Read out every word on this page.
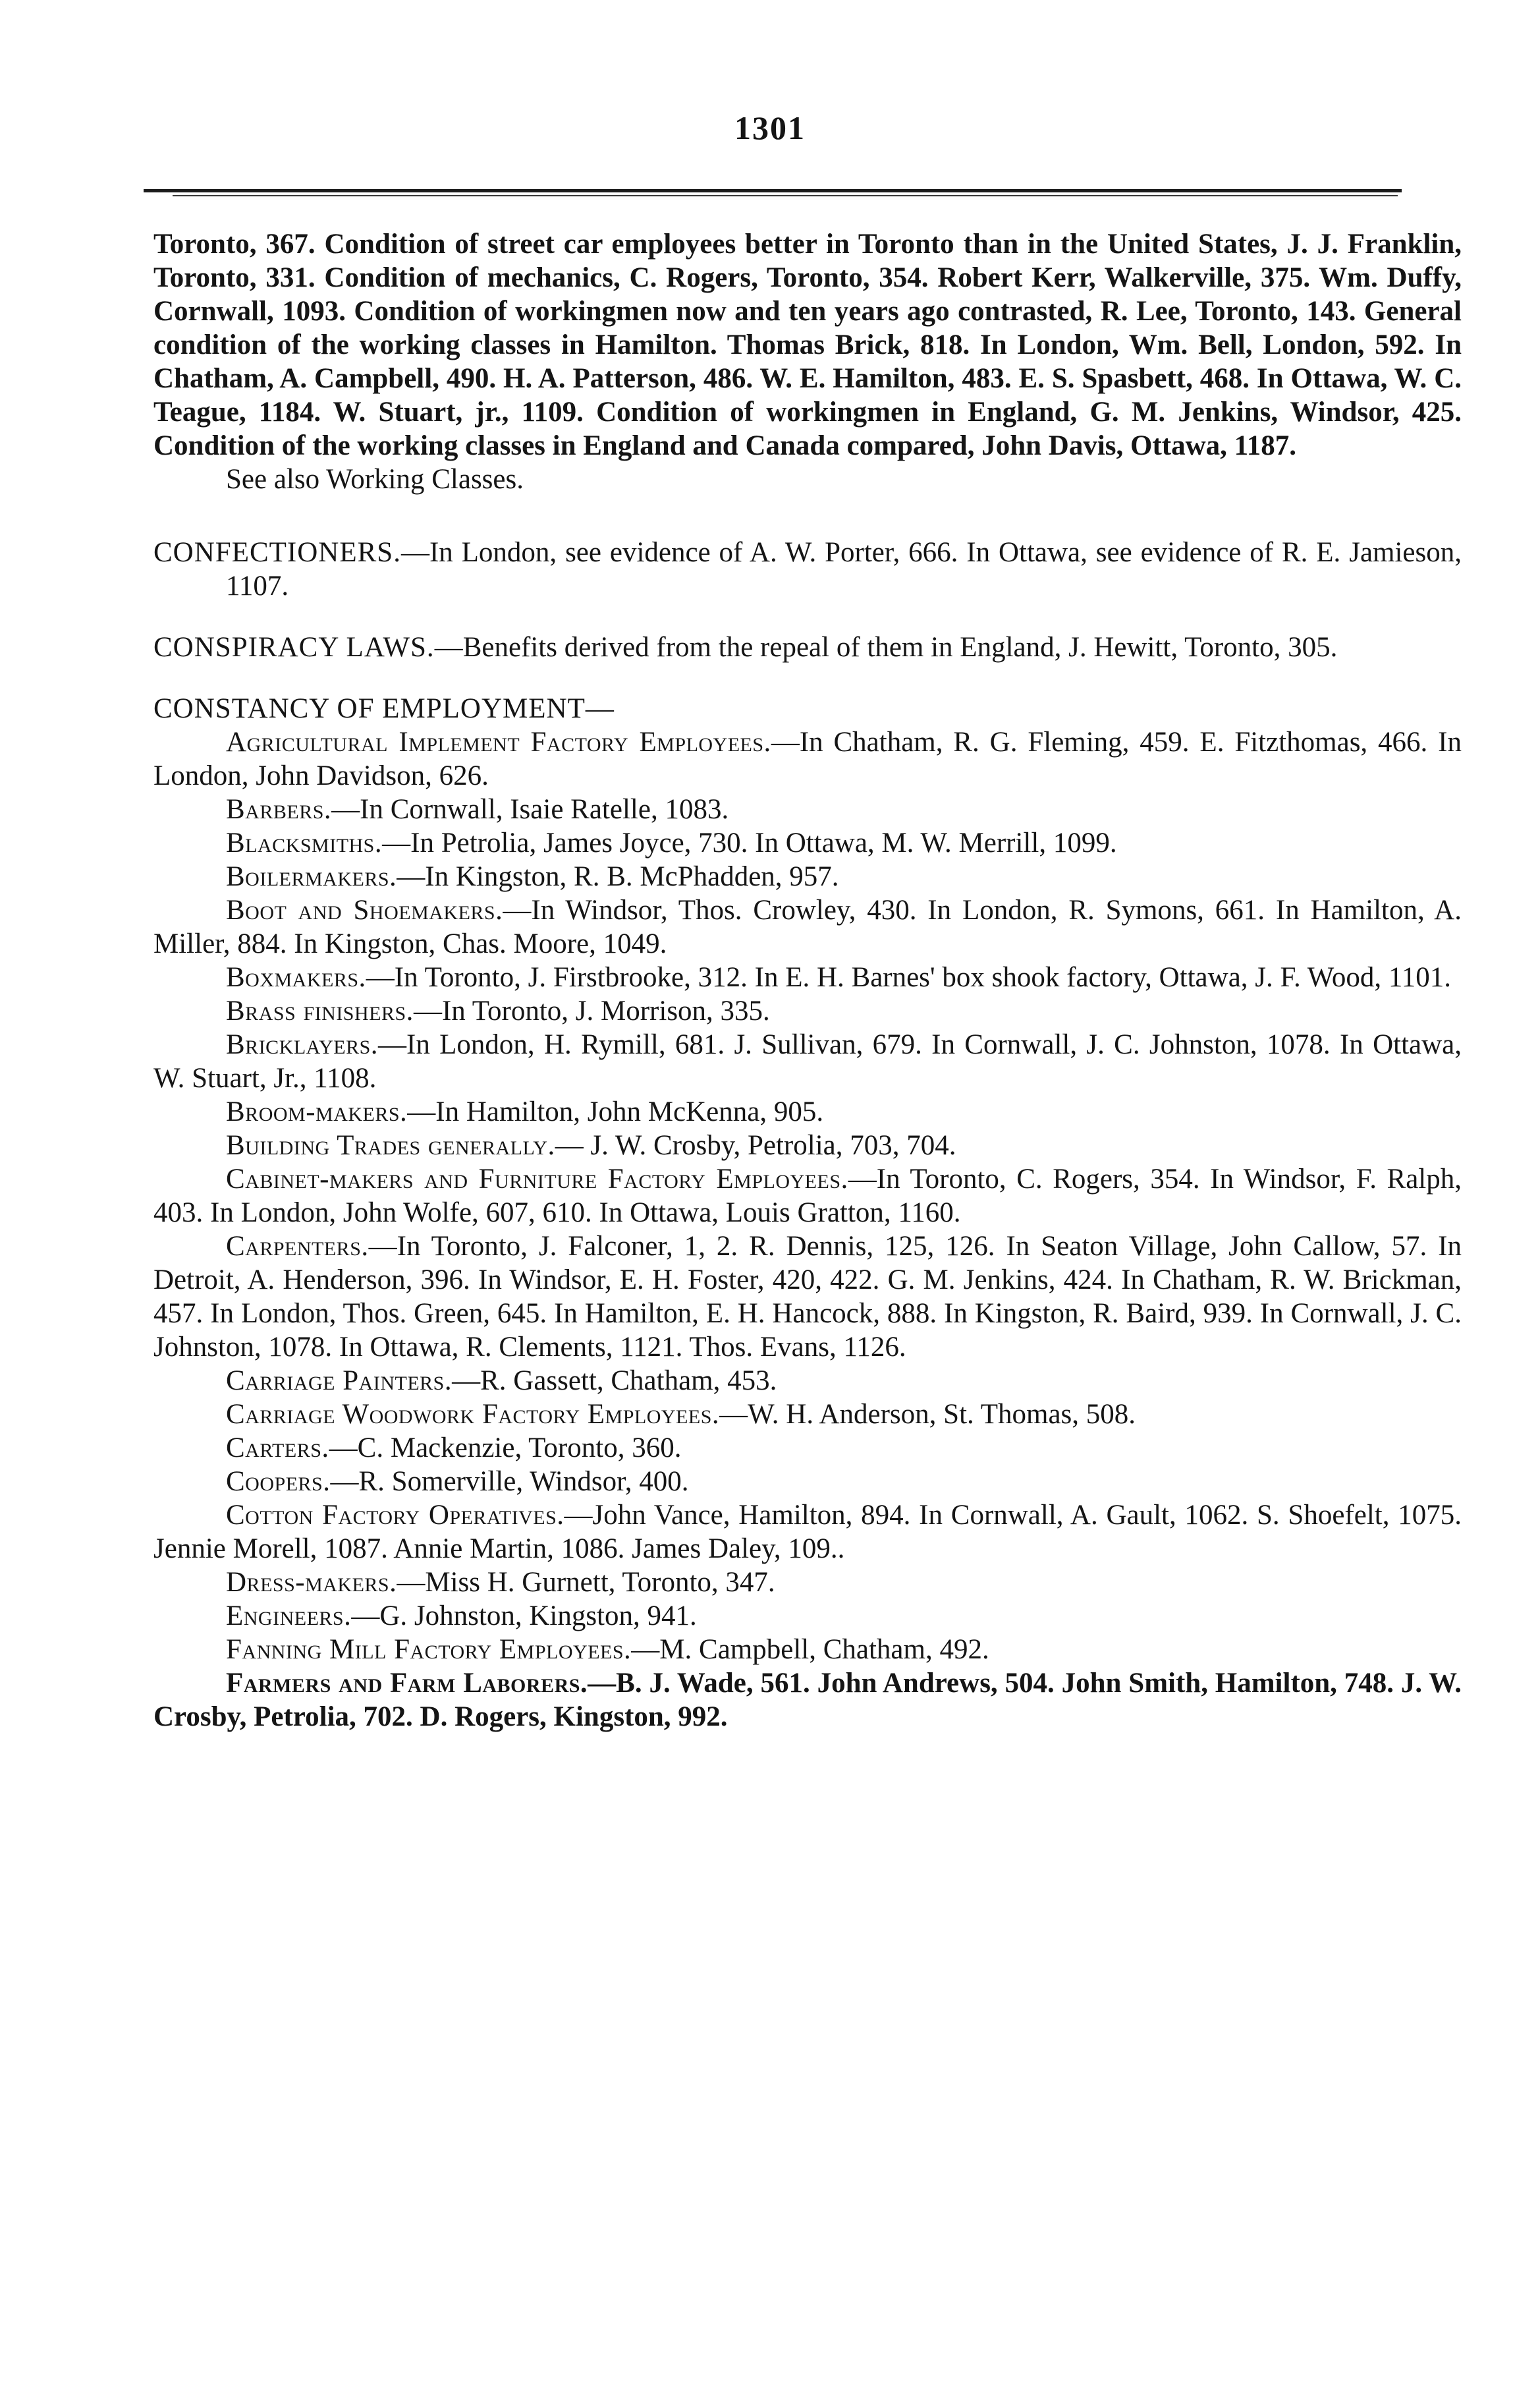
1301

Toronto, 367. Condition of street car employees better in Toronto than in the United States, J. J. Franklin, Toronto, 331. Condition of mechanics, C. Rogers, Toronto, 354. Robert Kerr, Walkerville, 375. Wm. Duffy, Cornwall, 1093. Condition of workingmen now and ten years ago contrasted, R. Lee, Toronto, 143. General condition of the working classes in Hamilton. Thomas Brick, 818. In London, Wm. Bell, London, 592. In Chatham, A. Campbell, 490. H. A. Patterson, 486. W. E. Hamilton, 483. E. S. Spasbett, 468. In Ottawa, W. C. Teague, 1184. W. Stuart, jr., 1109. Condition of workingmen in England, G. M. Jenkins, Windsor, 425. Condition of the working classes in England and Canada compared, John Davis, Ottawa, 1187.

See also Working Classes.

CONFECTIONERS.—In London, see evidence of A. W. Porter, 666. In Ottawa, see evidence of R. E. Jamieson, 1107.

CONSPIRACY LAWS.—Benefits derived from the repeal of them in England, J. Hewitt, Toronto, 305.

CONSTANCY OF EMPLOYMENT—

Agricultural Implement Factory Employees.—In Chatham, R. G. Fleming, 459. E. Fitzthomas, 466. In London, John Davidson, 626.

Barbers.—In Cornwall, Isaie Ratelle, 1083.

Blacksmiths.—In Petrolia, James Joyce, 730. In Ottawa, M. W. Merrill, 1099.

Boilermakers.—In Kingston, R. B. McPhadden, 957.

Boot and Shoemakers.—In Windsor, Thos. Crowley, 430. In London, R. Symons, 661. In Hamilton, A. Miller, 884. In Kingston, Chas. Moore, 1049.

Boxmakers.—In Toronto, J. Firstbrooke, 312. In E. H. Barnes' box shook factory, Ottawa, J. F. Wood, 1101.

Brass finishers.—In Toronto, J. Morrison, 335.

Bricklayers.—In London, H. Rymill, 681. J. Sullivan, 679. In Cornwall, J. C. Johnston, 1078. In Ottawa, W. Stuart, Jr., 1108.

Broom-makers.—In Hamilton, John McKenna, 905.

Building Trades generally.— J. W. Crosby, Petrolia, 703, 704.

Cabinet-makers and Furniture Factory Employees.—In Toronto, C. Rogers, 354. In Windsor, F. Ralph, 403. In London, John Wolfe, 607, 610. In Ottawa, Louis Gratton, 1160.

Carpenters.—In Toronto, J. Falconer, 1, 2. R. Dennis, 125, 126. In Seaton Village, John Callow, 57. In Detroit, A. Henderson, 396. In Windsor, E. H. Foster, 420, 422. G. M. Jenkins, 424. In Chatham, R. W. Brickman, 457. In London, Thos. Green, 645. In Hamilton, E. H. Hancock, 888. In Kingston, R. Baird, 939. In Cornwall, J. C. Johnston, 1078. In Ottawa, R. Clements, 1121. Thos. Evans, 1126.

Carriage Painters.—R. Gassett, Chatham, 453.

Carriage Woodwork Factory Employees.—W. H. Anderson, St. Thomas, 508.

Carters.—C. Mackenzie, Toronto, 360.

Coopers.—R. Somerville, Windsor, 400.

Cotton Factory Operatives.—John Vance, Hamilton, 894. In Cornwall, A. Gault, 1062. S. Shoefelt, 1075. Jennie Morell, 1087. Annie Martin, 1086. James Daley, 109..

Dress-makers.—Miss H. Gurnett, Toronto, 347.

Engineers.—G. Johnston, Kingston, 941.

Fanning Mill Factory Employees.—M. Campbell, Chatham, 492.

Farmers and Farm Laborers.—B. J. Wade, 561. John Andrews, 504. John Smith, Hamilton, 748. J. W. Crosby, Petrolia, 702. D. Rogers, Kingston, 992.
